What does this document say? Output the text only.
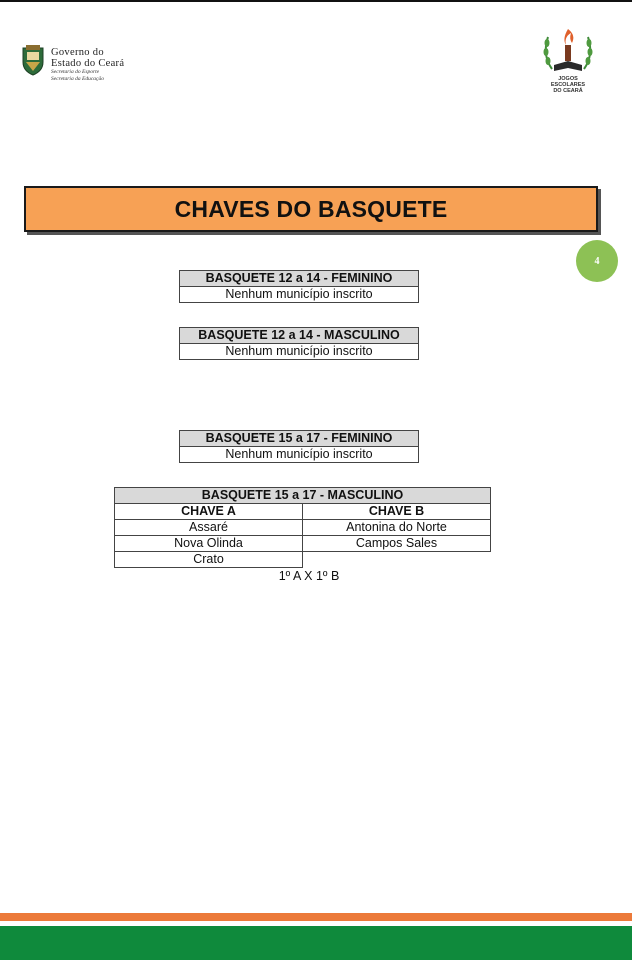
Governo do
Estado do Ceará
Secretaria do Esporte
Secretaria da Educação	JOGOS
ESCOLARES
DO CEARÁ
CHAVES DO BASQUETE
4
BASQUETE 12 a 14 - FEMININO
Nenhum município inscrito
BASQUETE 12 a 14 - MASCULINO
Nenhum município inscrito
BASQUETE 15 a 17 - FEMININO
Nenhum município inscrito
BASQUETE 15 a 17 - MASCULINO	
CHAVE A	CHAVE B
Assaré	Antonina do Norte
Nova Olinda	Campos Sales
Crato	
1º A X 1º B
